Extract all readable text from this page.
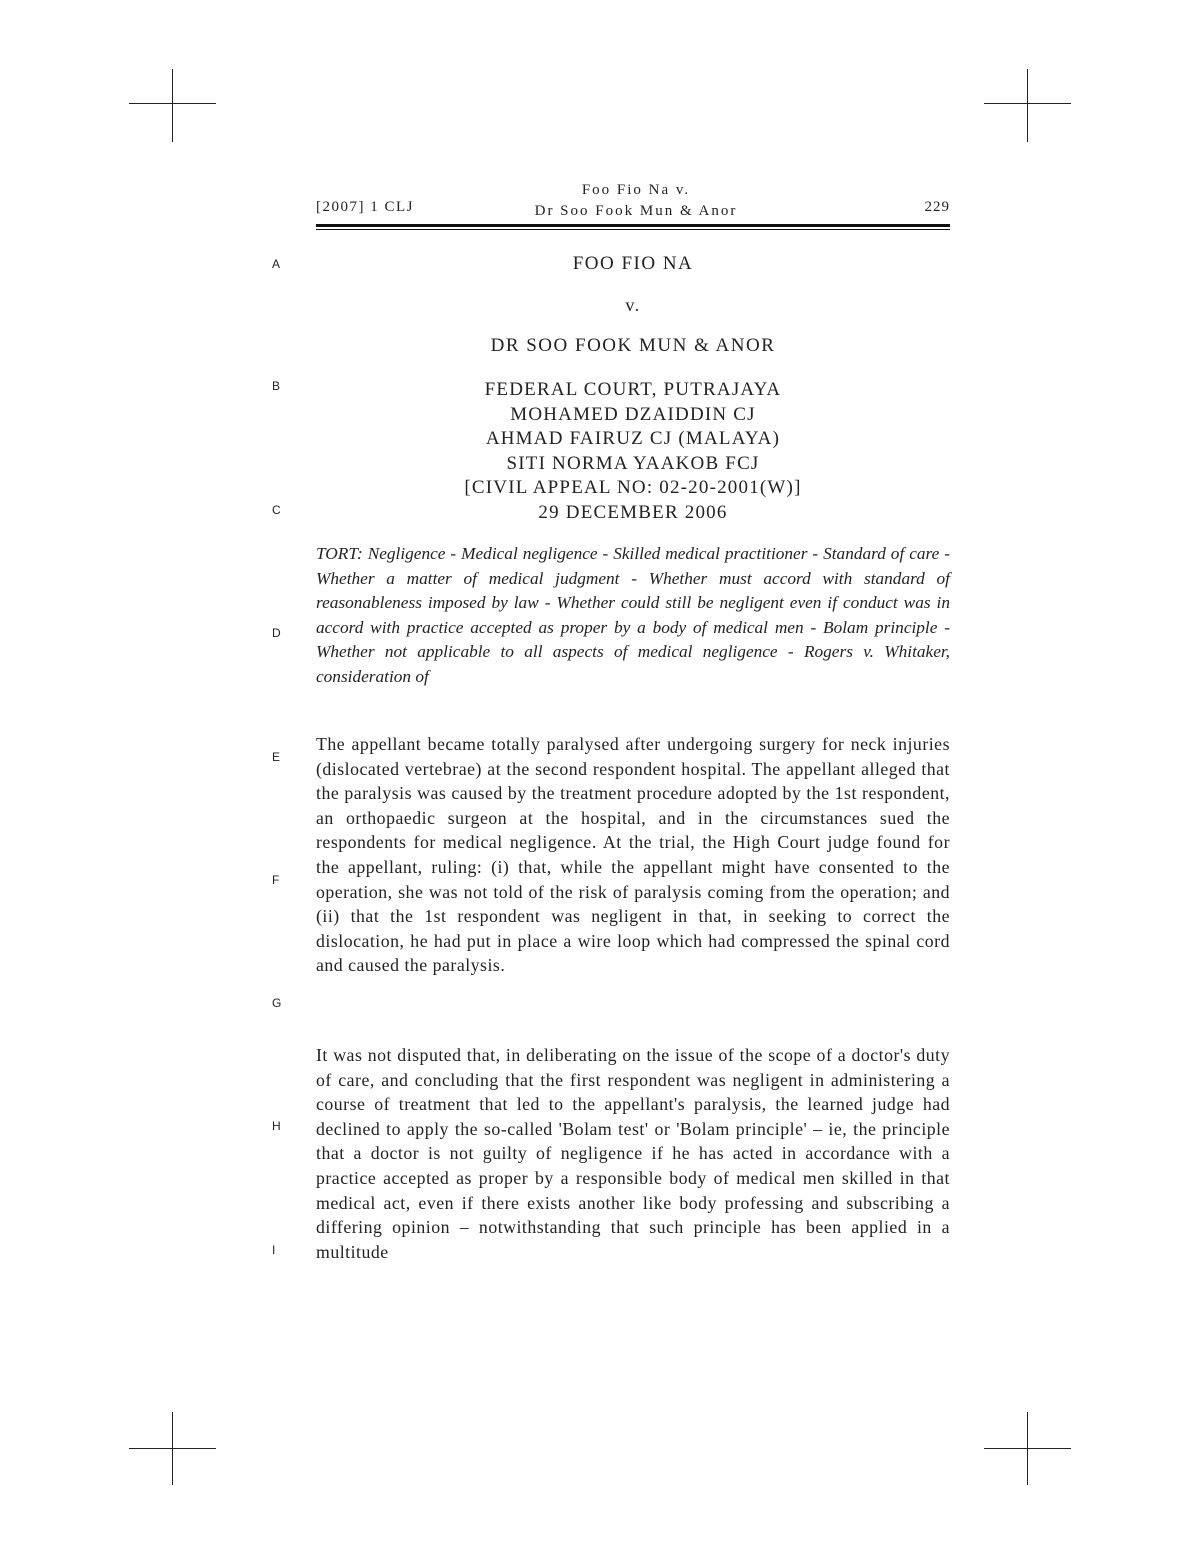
[2007] 1 CLJ
Foo Fio Na v.
Dr Soo Fook Mun & Anor	229
A
B
C
D
E
F
G
H
I
FOO FIO NA
v.
DR SOO FOOK MUN & ANOR
FEDERAL COURT, PUTRAJAYA
MOHAMED DZAIDDIN CJ
AHMAD FAIRUZ CJ (MALAYA)
SITI NORMA YAAKOB FCJ
[CIVIL APPEAL NO: 02-20-2001(W)]
29 DECEMBER 2006

TORT: Negligence - Medical negligence - Skilled medical practitioner - Standard of care - Whether a matter of medical judgment - Whether must accord with standard of reasonableness imposed by law - Whether could still be negligent even if conduct was in accord with practice accepted as proper by a body of medical men - Bolam principle - Whether not applicable to all aspects of medical negligence - Rogers v. Whitaker, consideration of

The appellant became totally paralysed after undergoing surgery for neck injuries (dislocated vertebrae) at the second respondent hospital. The appellant alleged that the paralysis was caused by the treatment procedure adopted by the 1st respondent, an orthopaedic surgeon at the hospital, and in the circumstances sued the respondents for medical negligence. At the trial, the High Court judge found for the appellant, ruling: (i) that, while the appellant might have consented to the operation, she was not told of the risk of paralysis coming from the operation; and (ii) that the 1st respondent was negligent in that, in seeking to correct the dislocation, he had put in place a wire loop which had compressed the spinal cord and caused the paralysis.

It was not disputed that, in deliberating on the issue of the scope of a doctor's duty of care, and concluding that the first respondent was negligent in administering a course of treatment that led to the appellant's paralysis, the learned judge had declined to apply the so-called 'Bolam test' or 'Bolam principle' – ie, the principle that a doctor is not guilty of negligence if he has acted in accordance with a practice accepted as proper by a responsible body of medical men skilled in that medical act, even if there exists another like body professing and subscribing a differing opinion – notwithstanding that such principle has been applied in a multitude
